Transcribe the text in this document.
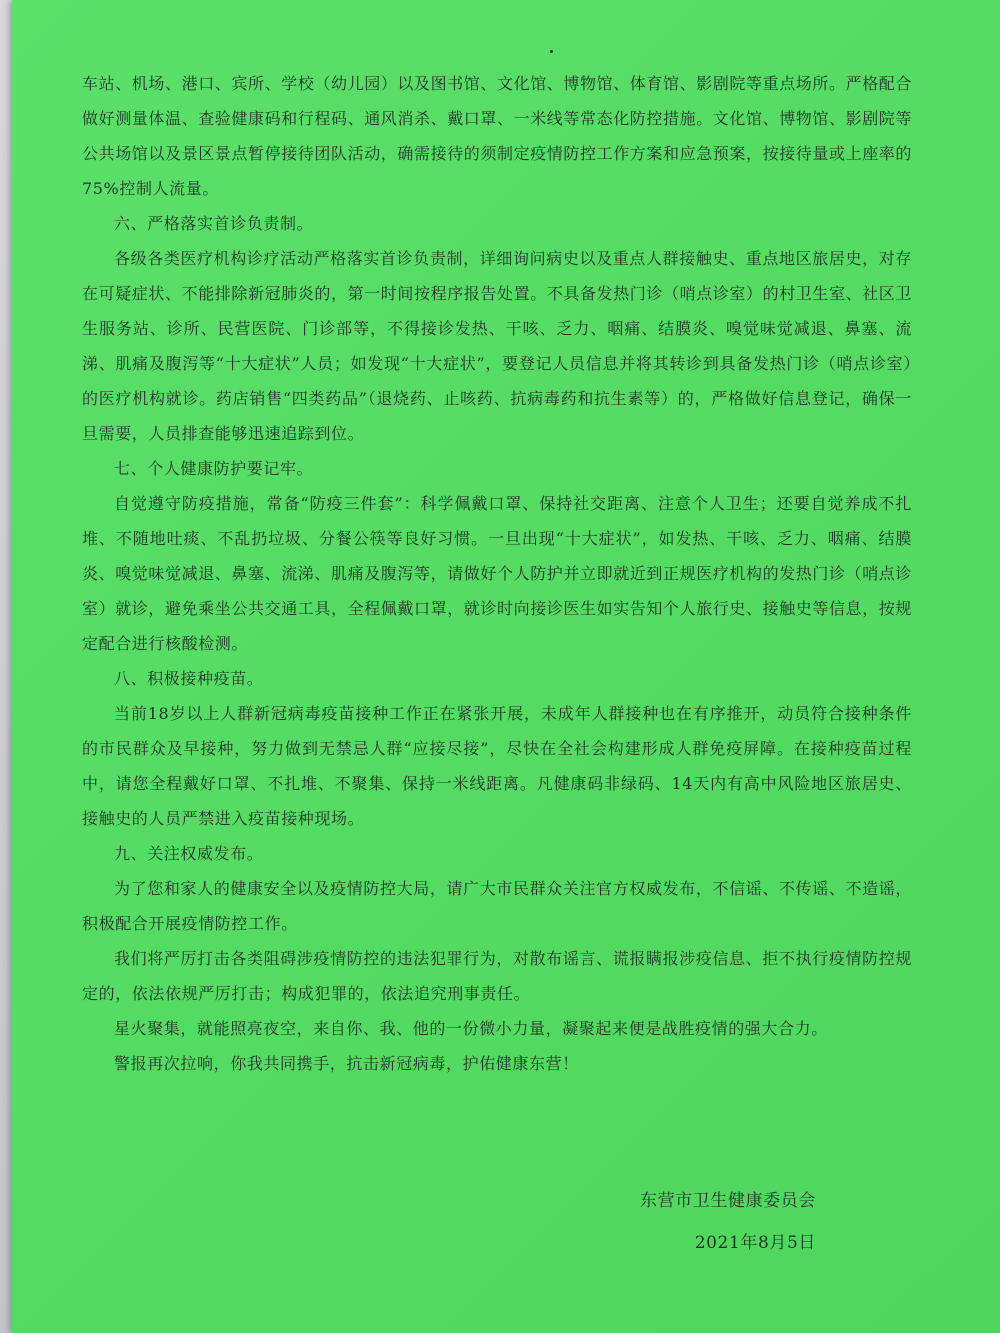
车站、机场、港口、宾所、学校（幼儿园）以及图书馆、文化馆、博物馆、体育馆、影剧院等重点场所。严格配合做好测量体温、查验健康码和行程码、通风消杀、戴口罩、一米线等常态化防控措施。文化馆、博物馆、影剧院等公共场馆以及景区景点暂停接待团队活动，确需接待的须制定疫情防控工作方案和应急预案，按接待量或上座率的75%控制人流量。

六、严格落实首诊负责制。

各级各类医疗机构诊疗活动严格落实首诊负责制，详细询问病史以及重点人群接触史、重点地区旅居史，对存在可疑症状、不能排除新冠肺炎的，第一时间按程序报告处置。不具备发热门诊（哨点诊室）的村卫生室、社区卫生服务站、诊所、民营医院、门诊部等，不得接诊发热、干咳、乏力、咽痛、结膜炎、嗅觉味觉减退、鼻塞、流涕、肌痛及腹泻等“十大症状”人员；如发现“十大症状”，要登记人员信息并将其转诊到具备发热门诊（哨点诊室）的医疗机构就诊。药店销售“四类药品”（退烧药、止咳药、抗病毒药和抗生素等）的，严格做好信息登记，确保一旦需要，人员排查能够迅速追踪到位。

七、个人健康防护要记牢。

自觉遵守防疫措施，常备“防疫三件套”：科学佩戴口罩、保持社交距离、注意个人卫生；还要自觉养成不扎堆、不随地吐痰、不乱扔垃圾、分餐公筷等良好习惯。一旦出现“十大症状”，如发热、干咳、乏力、咽痛、结膜炎、嗅觉味觉减退、鼻塞、流涕、肌痛及腹泻等，请做好个人防护并立即就近到正规医疗机构的发热门诊（哨点诊室）就诊，避免乘坐公共交通工具，全程佩戴口罩，就诊时向接诊医生如实告知个人旅行史、接触史等信息，按规定配合进行核酸检测。

八、积极接种疫苗。

当前18岁以上人群新冠病毒疫苗接种工作正在紧张开展，未成年人群接种也在有序推开，动员符合接种条件的市民群众及早接种，努力做到无禁忌人群“应接尽接”，尽快在全社会构建形成人群免疫屏障。在接种疫苗过程中，请您全程戴好口罩、不扎堆、不聚集、保持一米线距离。凡健康码非绿码、14天内有高中风险地区旅居史、接触史的人员严禁进入疫苗接种现场。

九、关注权威发布。

为了您和家人的健康安全以及疫情防控大局，请广大市民群众关注官方权威发布，不信谣、不传谣、不造谣，积极配合开展疫情防控工作。

我们将严厉打击各类阻碍涉疫情防控的违法犯罪行为，对散布谣言、谎报瞒报涉疫信息、拒不执行疫情防控规定的，依法依规严厉打击；构成犯罪的，依法追究刑事责任。

星火聚集，就能照亮夜空，来自你、我、他的一份微小力量，凝聚起来便是战胜疫情的强大合力。

警报再次拉响，你我共同携手，抗击新冠病毒，护佑健康东营！

东营市卫生健康委员会
2021年8月5日
